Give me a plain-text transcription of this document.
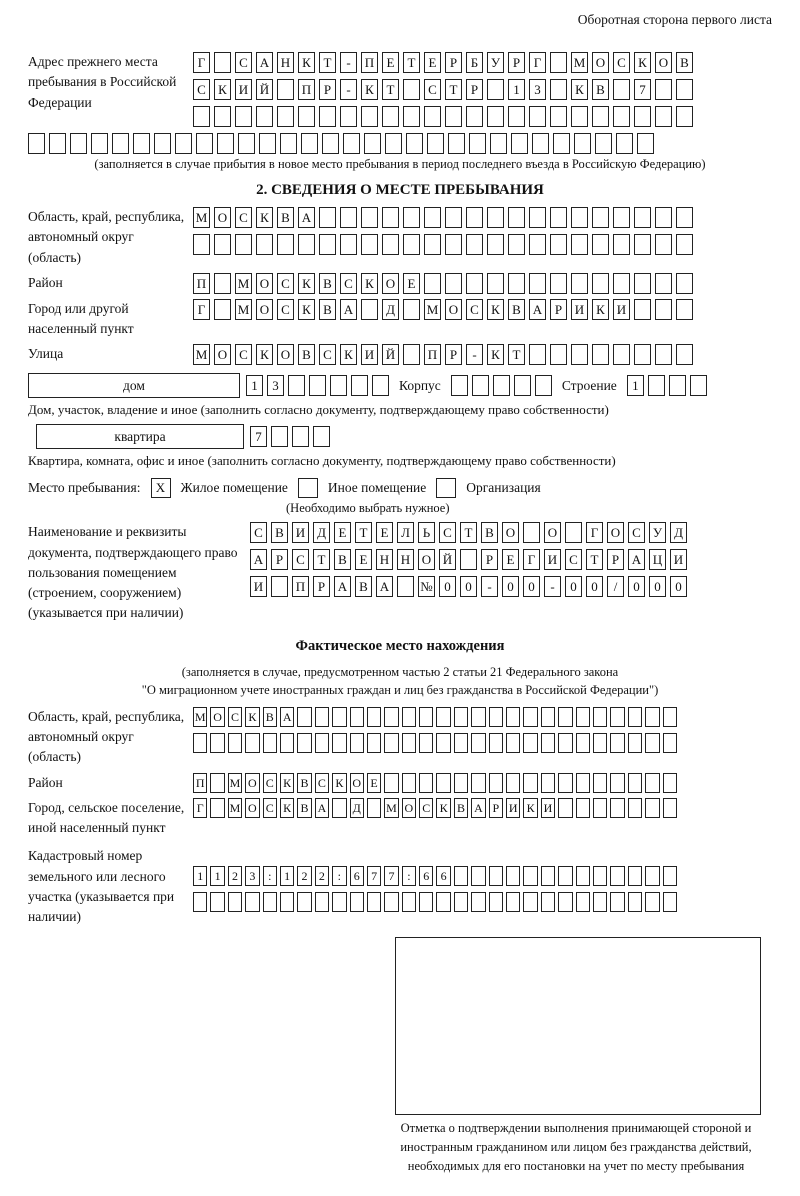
Оборотная сторона первого листа
Адрес прежнего места пребывания в Российской Федерации
Г	С А Н К Т	-	П Е	Т	Е	Р	Б У Р	Г	М О С К О В
С К И Й	П Р	-	К Т	С Т	Р	1	3	К В	7
(заполняется в случае прибытия в новое место пребывания в период последнего въезда в Российскую Федерацию)
2. СВЕДЕНИЯ О МЕСТЕ ПРЕБЫВАНИЯ
Область, край, республика, автономный округ (область)
М О С К В А
Район	П М О С К В С К О Е
Город или другой населенный пункт
Г	М О С К В А	Д	М О С К В А Р И К И
Улица	М О С К О В С К И Й	П Р	-	К Т
дом	1	3	Корпус	Строение	1
Дом, участок, владение и иное (заполнить согласно документу, подтверждающему право собственности)
квартира	7
Квартира, комната, офис и иное (заполнить согласно документу, подтверждающему право собственности)
Место пребывания:	X	Жилое помещение	Иное помещение	Организация
(Необходимо выбрать нужное)
Наименование и реквизиты документа, подтверждающего право пользования помещением (строением, сооружением) (указывается при наличии)
С В И Д Е	Т	Е Л Ь С Т В О	О	Г О С У Д
А Р	С Т В Е Н Н О Й	Р	Е	Г И С Т	Р А Ц И
И	П Р А В А № 0	0	-	0	0	-	0	0	/	0	0	0
Фактическое место нахождения
(заполняется в случае, предусмотренном частью 2 статьи 21 Федерального закона
"О миграционном учете иностранных граждан и лиц без гражданства в Российской Федерации")
Область, край, республика, автономный округ (область)
М О С К В А
Район	П М О С К В С К О Е
Город, сельское поселение, иной населенный пункт
Г	М О С К В А Д М О С К В А Р И К И
Кадастровый номер земельного или лесного участка (указывается при наличии)
1 1 2 3	:	1 2 2	:	6 7 7	:	6 6
Отметка о подтверждении выполнения принимающей стороной и иностранным гражданином или лицом без гражданства действий, необходимых для его постановки на учет по месту пребывания
